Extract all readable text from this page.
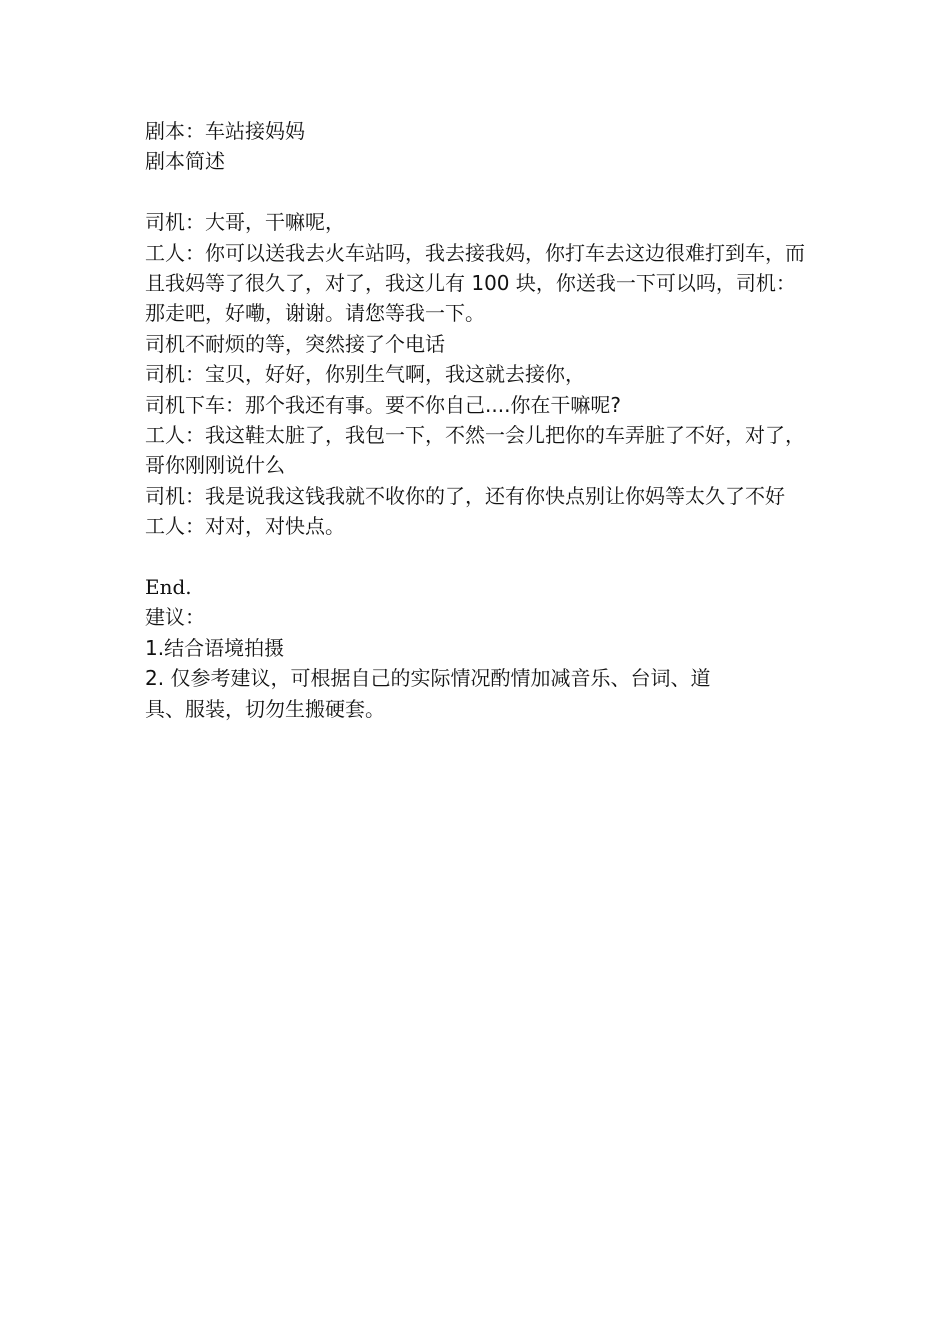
剧本：车站接妈妈

剧本简述

司机：大哥，干嘛呢，

工人：你可以送我去火车站吗，我去接我妈，你打车去这边很难打到车，而且我妈等了很久了，对了，我这儿有 100 块，你送我一下可以吗，司机：那走吧，好嘞，谢谢。请您等我一下。

司机不耐烦的等，突然接了个电话

司机：宝贝，好好，你别生气啊，我这就去接你，

司机下车：那个我还有事。要不你自己....你在干嘛呢?

工人：我这鞋太脏了，我包一下，不然一会儿把你的车弄脏了不好，对了，哥你刚刚说什么

司机：我是说我这钱我就不收你的了，还有你快点别让你妈等太久了不好

工人：对对，对快点。

End.

建议：

1.结合语境拍摄

2. 仅参考建议，可根据自己的实际情况酌情加减音乐、台词、道具、服装，切勿生搬硬套。
